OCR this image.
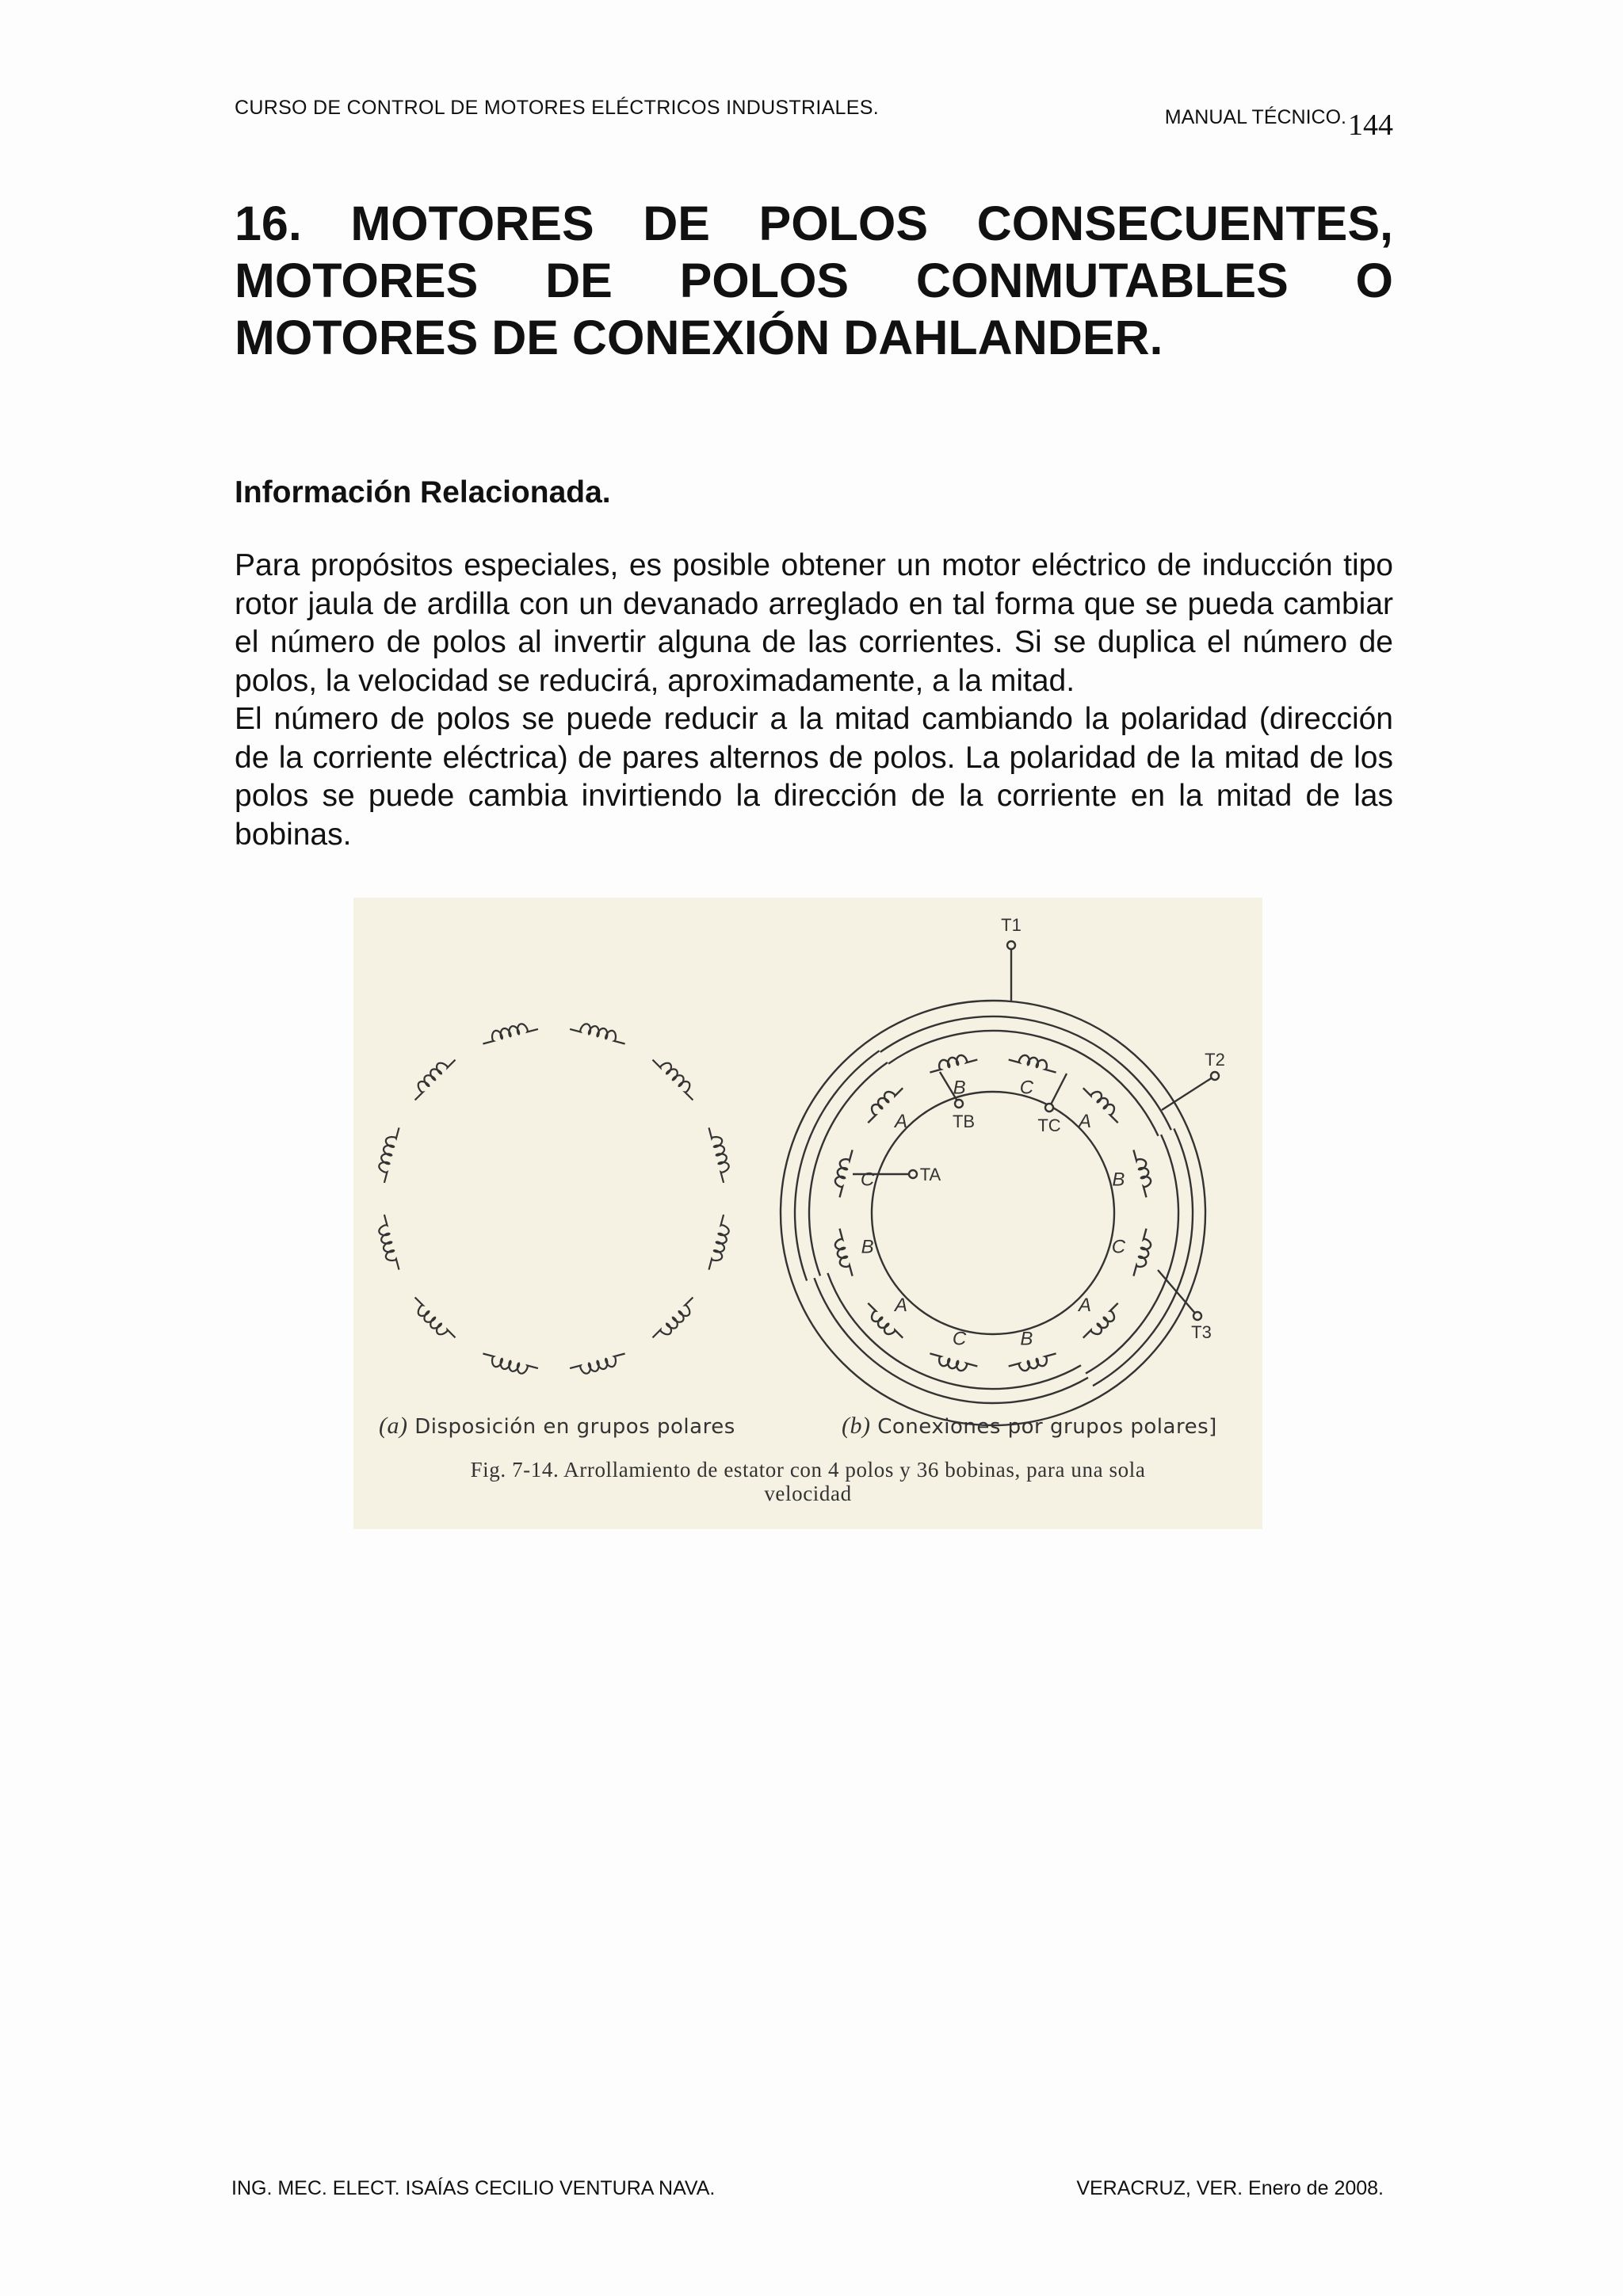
CURSO DE CONTROL DE MOTORES ELÉCTRICOS INDUSTRIALES.	MANUAL TÉCNICO.144
16. MOTORES DE POLOS CONSECUENTES, MOTORES DE POLOS CONMUTABLES O MOTORES DE CONEXIÓN DAHLANDER.
Información Relacionada.

Para propósitos especiales, es posible obtener un motor eléctrico de inducción tipo rotor jaula de ardilla con un devanado arreglado en tal forma que se pueda cambiar el número de polos al invertir alguna de las corrientes. Si se duplica el número de polos, la velocidad se reducirá, aproximadamente, a la mitad.

El número de polos se puede reducir a la mitad cambiando la polaridad (dirección de la corriente eléctrica) de pares alternos de polos. La polaridad de la mitad de los polos se puede cambia invirtiendo la dirección de la corriente en la mitad de las bobinas.

B	C
A
B
C
A
B
C
A
B
C
A
T1
T2
T3
TA
TB	TC
(a) Disposición en grupos polares	(b) Conexiones por grupos polares]
Fig. 7-14. Arrollamiento de estator con 4 polos y 36 bobinas, para una sola
velocidad
ING. MEC. ELECT. ISAÍAS CECILIO VENTURA NAVA.	VERACRUZ, VER. Enero de 2008.
